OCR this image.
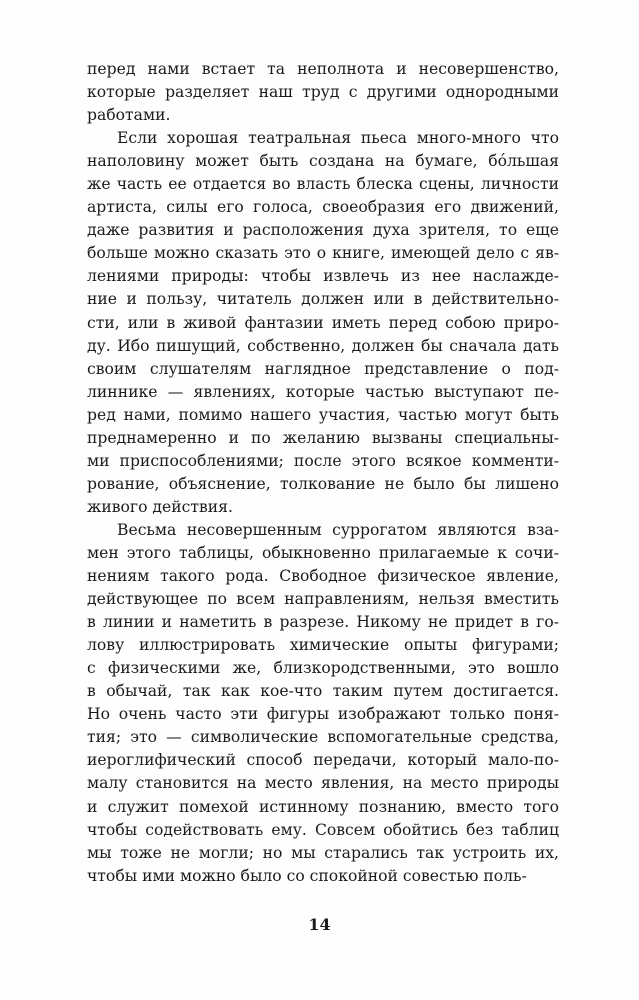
перед нами встает та неполнота и несовершенство,
которые разделяет наш труд с другими однородными
работами.
Если хорошая театральная пьеса много-много что
наполовину может быть создана на бумаге, бо́льшая
же часть ее отдается во власть блеска сцены, личности
артиста, силы его голоса, своеобразия его движений,
даже развития и расположения духа зрителя, то еще
больше можно сказать это о книге, имеющей дело с яв-
лениями природы: чтобы извлечь из нее наслажде-
ние и пользу, читатель должен или в действительно-
сти, или в живой фантазии иметь перед собою приро-
ду. Ибо пишущий, собственно, должен бы сначала дать
своим слушателям наглядное представление о под-
линнике — явлениях, которые частью выступают пе-
ред нами, помимо нашего участия, частью могут быть
преднамеренно и по желанию вызваны специальны-
ми приспособлениями; после этого всякое комменти-
рование, объяснение, толкование не было бы лишено
живого действия.
Весьма несовершенным суррогатом являются вза-
мен этого таблицы, обыкновенно прилагаемые к сочи-
нениям такого рода. Свободное физическое явление,
действующее по всем направлениям, нельзя вместить
в линии и наметить в разрезе. Никому не придет в го-
лову иллюстрировать химические опыты фигурами;
с физическими же, близкородственными, это вошло
в обычай, так как кое-что таким путем достигается.
Но очень часто эти фигуры изображают только поня-
тия; это — символические вспомогательные средства,
иероглифический способ передачи, который мало-по-
малу становится на место явления, на место природы
и служит помехой истинному познанию, вместо того
чтобы содействовать ему. Совсем обойтись без таблиц
мы тоже не могли; но мы старались так устроить их,
чтобы ими можно было со спокойной совестью поль-
14
